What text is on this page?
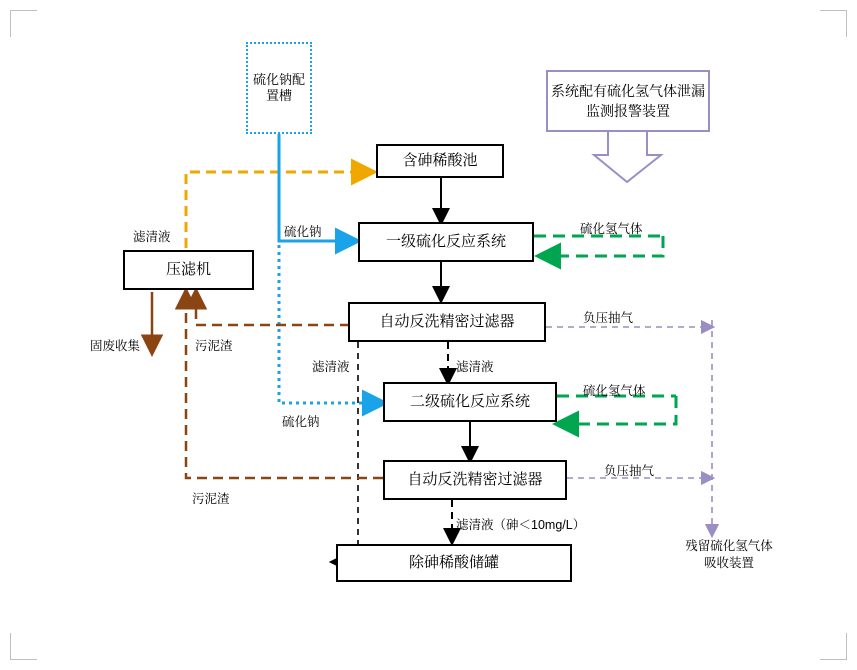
硫化钠配置槽	系统配有硫化氢气体泄漏监测报警装置
含砷稀酸池
压滤机
一级硫化反应系统
自动反洗精密过滤器
二级硫化反应系统
自动反洗精密过滤器
除砷稀酸储罐
滤清液
固废收集	污泥渣
污泥渣
硫化钠
硫化钠
硫化氢气体
硫化氢气体
负压抽气
负压抽气
滤清液	滤清液
滤清液（砷＜10mg/L）
残留硫化氢气体吸收装置
